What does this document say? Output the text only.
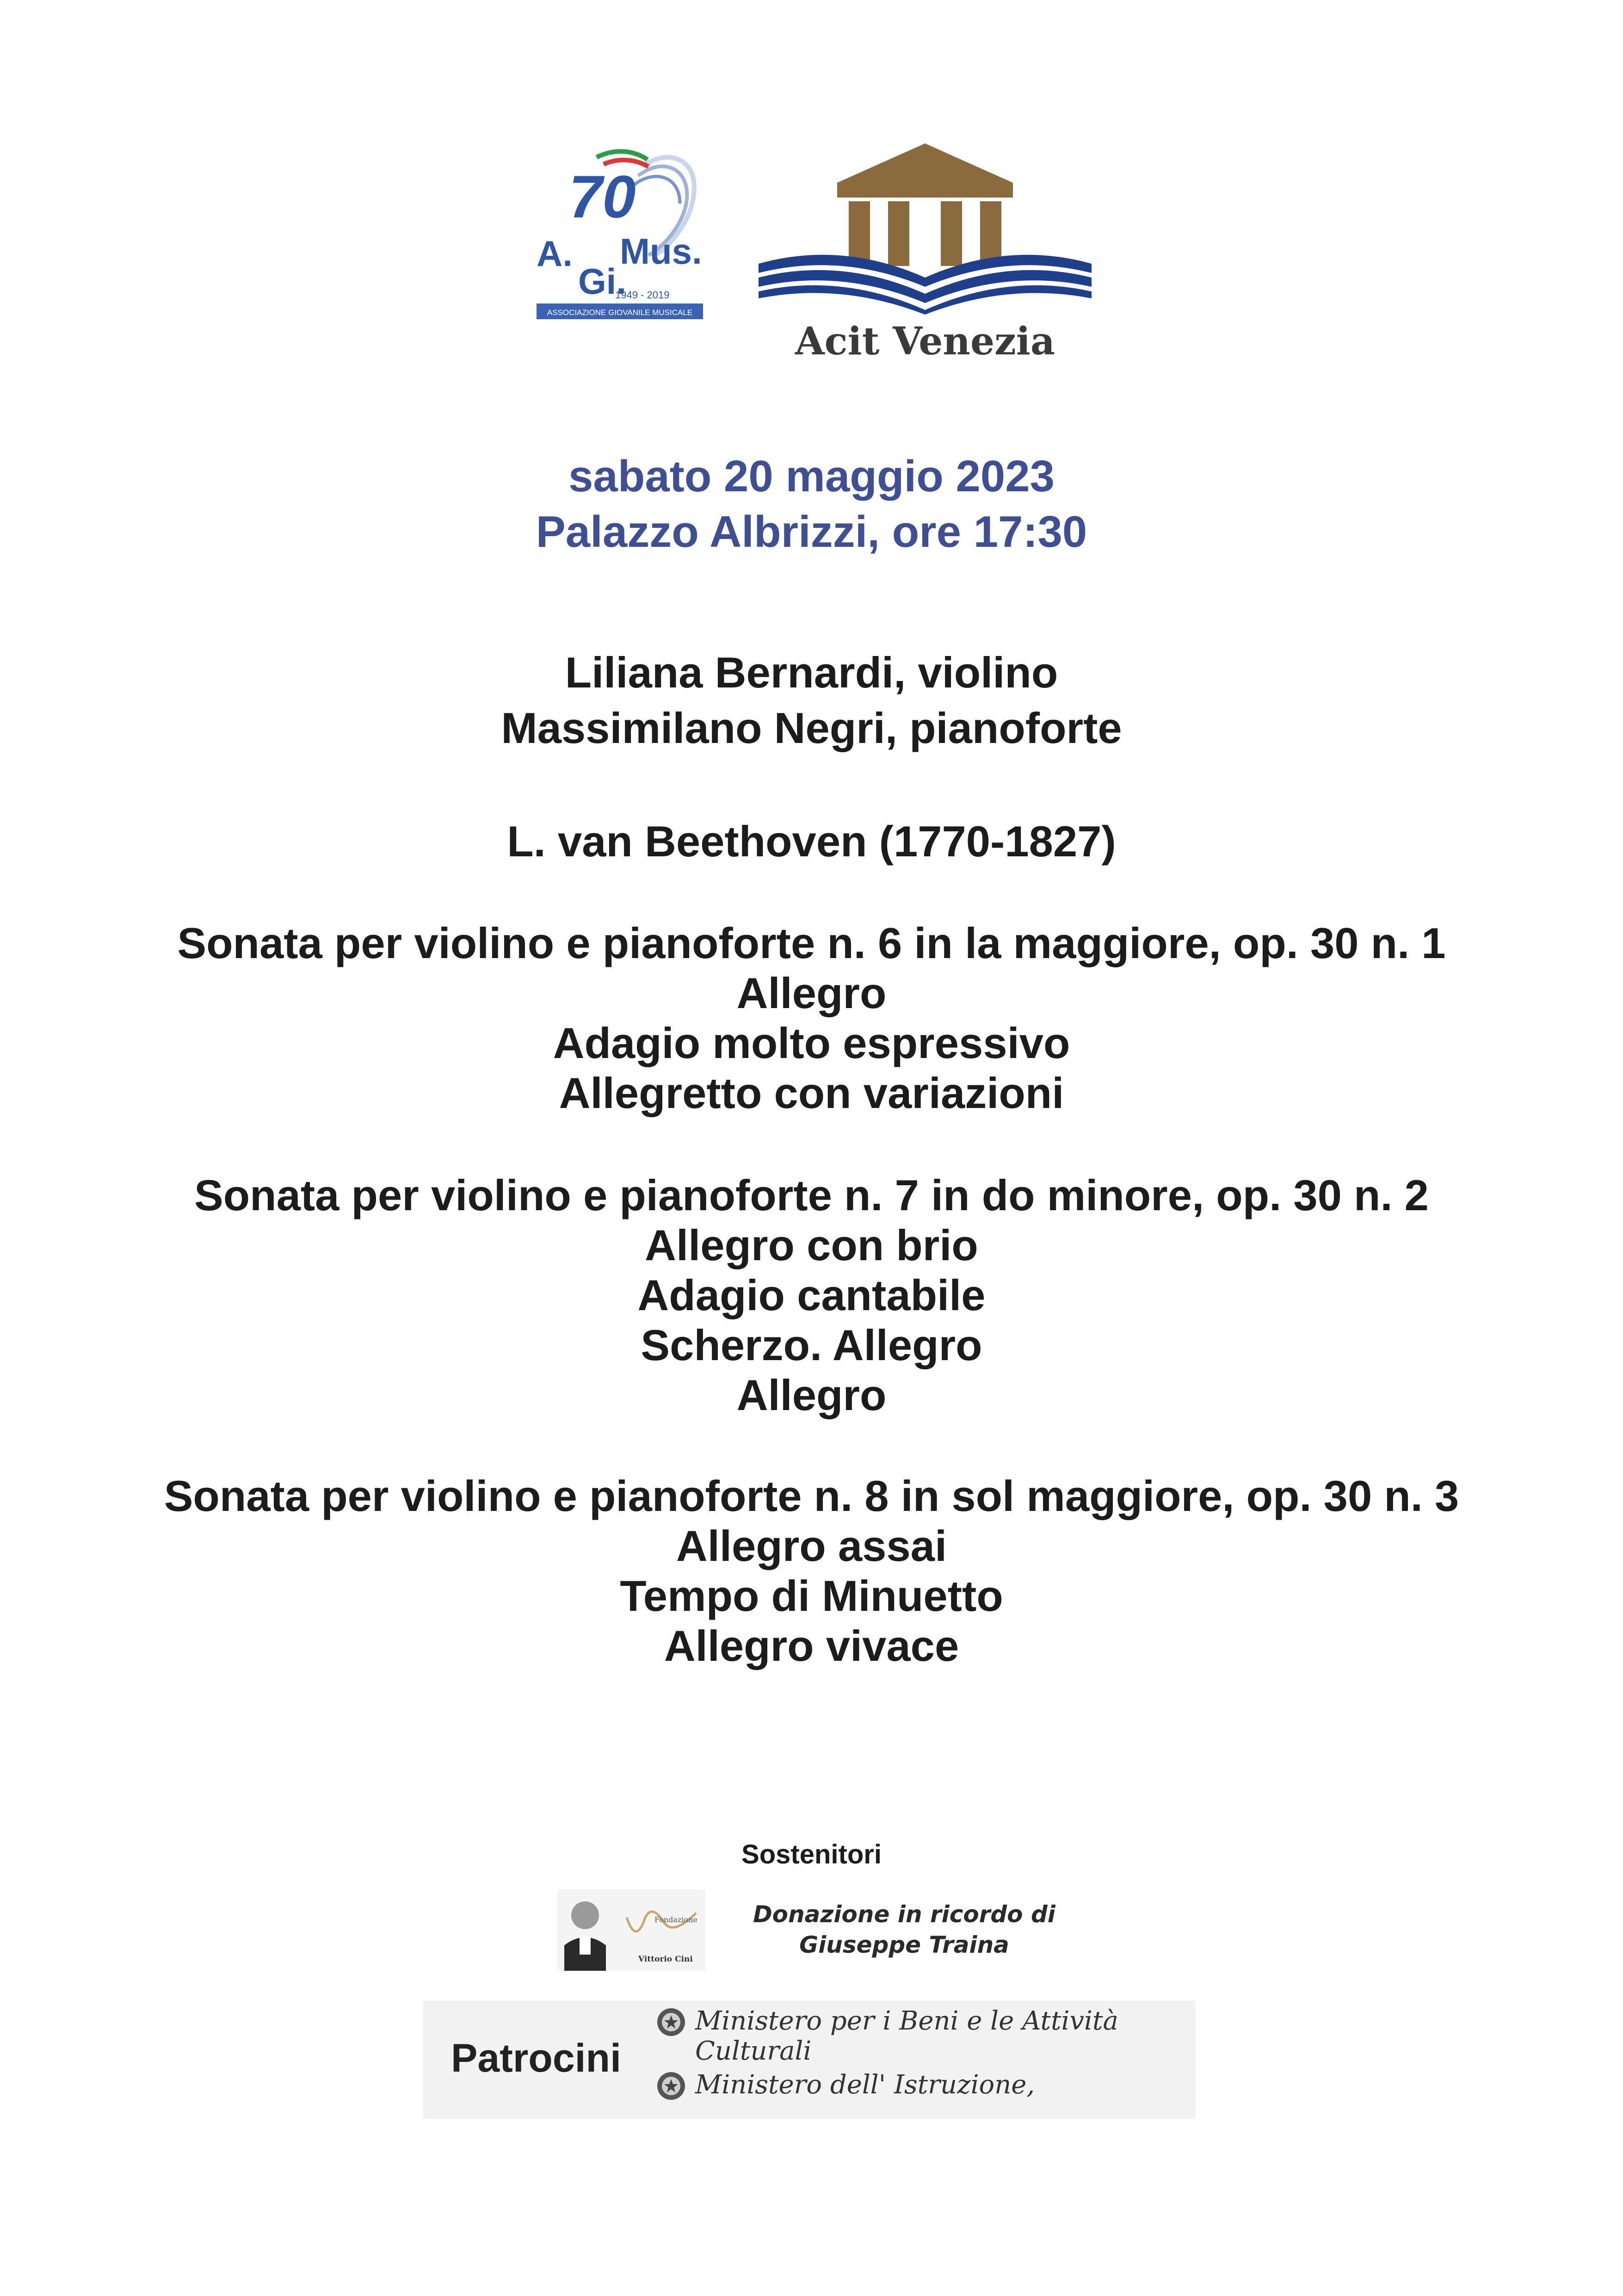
70
A. Mus.
Gi.
1949 - 2019
ASSOCIAZIONE GIOVANILE MUSICALE
Acit Venezia
sabato 20 maggio 2023
Palazzo Albrizzi, ore 17:30
Liliana Bernardi, violino
Massimilano Negri, pianoforte
L. van Beethoven (1770-1827)
Sonata per violino e pianoforte n. 6 in la maggiore, op. 30 n. 1
Allegro
Adagio molto espressivo
Allegretto con variazioni
Sonata per violino e pianoforte n. 7 in do minore, op. 30 n. 2
Allegro con brio
Adagio cantabile
Scherzo. Allegro
Allegro
Sonata per violino e pianoforte n. 8 in sol maggiore, op. 30 n. 3
Allegro assai
Tempo di Minuetto
Allegro vivace
Sostenitori
Fondazione
Vittorio Cini
Donazione in ricordo di
Giuseppe Traina
Patrocini
Ministero per i Beni e le Attività Culturali
Ministero dell' Istruzione,
